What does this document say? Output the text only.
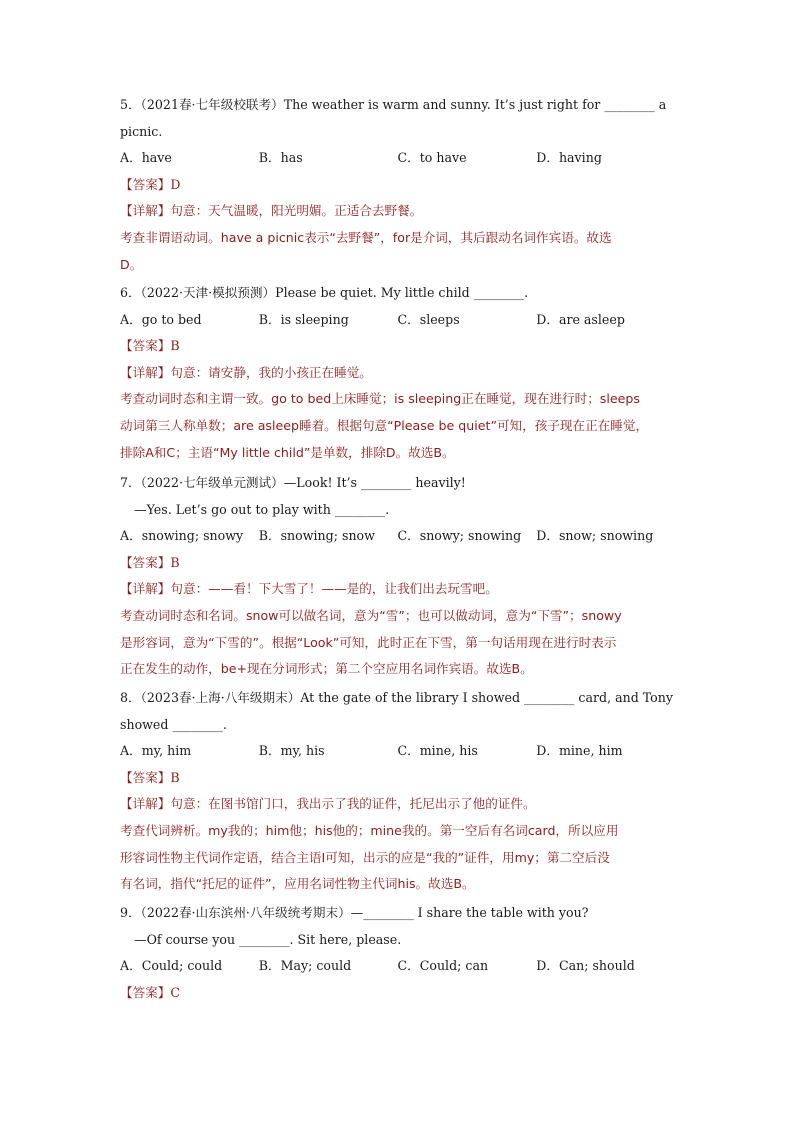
5．（2021春·七年级校联考）The weather is warm and sunny. It’s just right for ________ a
picnic.
A．have	B．has	C．to have	D．having
【答案】D
【详解】句意：天气温暖，阳光明媚。正适合去野餐。
考查非谓语动词。have a picnic表示“去野餐”，for是介词，其后跟动名词作宾语。故选
D。
6．（2022·天津·模拟预测）Please be quiet. My little child ________.
A．go to bed	B．is sleeping	C．sleeps	D．are asleep
【答案】B
【详解】句意：请安静，我的小孩正在睡觉。
考查动词时态和主谓一致。go to bed上床睡觉；is sleeping正在睡觉，现在进行时；sleeps
动词第三人称单数；are asleep睡着。根据句意“Please be quiet”可知，孩子现在正在睡觉，
排除A和C；主语“My little child”是单数，排除D。故选B。
7．（2022·七年级单元测试）—Look! It’s ________ heavily!
—Yes. Let’s go out to play with ________.
A．snowing; snowy	B．snowing; snow	C．snowy; snowing	D．snow; snowing
【答案】B
【详解】句意：——看！下大雪了！——是的，让我们出去玩雪吧。
考查动词时态和名词。snow可以做名词，意为“雪”；也可以做动词，意为“下雪”；snowy
是形容词，意为“下雪的”。根据“Look”可知，此时正在下雪，第一句话用现在进行时表示
正在发生的动作，be+现在分词形式；第二个空应用名词作宾语。故选B。
8．（2023春·上海·八年级期末）At the gate of the library I showed ________ card, and Tony
showed ________.
A．my, him	B．my, his	C．mine, his	D．mine, him
【答案】B
【详解】句意：在图书馆门口，我出示了我的证件，托尼出示了他的证件。
考查代词辨析。my我的；him他；his他的；mine我的。第一空后有名词card，所以应用
形容词性物主代词作定语，结合主语I可知，出示的应是“我的”证件，用my；第二空后没
有名词，指代“托尼的证件”，应用名词性物主代词his。故选B。
9．（2022春·山东滨州·八年级统考期末）—________ I share the table with you?
—Of course you ________. Sit here, please.
A．Could; could	B．May; could	C．Could; can	D．Can; should
【答案】C
